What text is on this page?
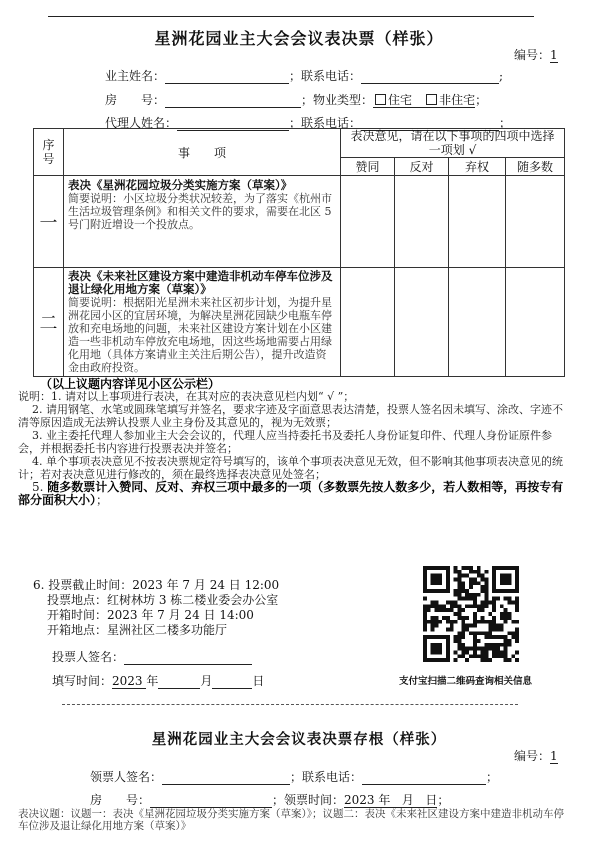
星洲花园业主大会会议表决票（样张）
编号：1
业主姓名：	；联系电话：	;
房　　号：	；物业类型： 住宅　 非住宅；
代理人姓名：	；联系电话：	；
序号	事　　项	表决意见，请在以下事项的四项中选择一项划 √			
		赞同	反对	弃权	随多数
一	表决《星洲花园垃圾分类实施方案（草案）》
简要说明：小区垃圾分类状况较差，为了落实《杭州市生活垃圾管理条例》和相关文件的要求，需要在北区 5 号门附近增设一个投放点。				

二	表决《未来社区建设方案中建造非机动车停车位涉及退让绿化用地方案（草案）》
简要说明：根据阳光星洲未来社区初步计划，为提升星洲花园小区的宜居环境，为解决星洲花园缺少电瓶车停放和充电场地的问题，未来社区建设方案计划在小区建造一些非机动车停放充电场地，因这些场地需要占用绿化用地（具体方案请业主关注后期公告），提升改造资金由政府投资。				

（以上议题内容详见小区公示栏）

说明：1. 请对以上事项进行表决，在其对应的表决意见栏内划“ √ ”；

2. 请用钢笔、水笔或圆珠笔填写并签名，要求字迹及字面意思表达清楚，投票人签名因未填写、涂改、字迹不清等原因造成无法辨认投票人业主身份及其意见的，视为无效票；

3. 业主委托代理人参加业主大会会议的，代理人应当持委托书及委托人身份证复印件、代理人身份证原件参会，并根据委托书内容进行投票表决并签名；

4. 单个事项表决意见不按表决票规定符号填写的，该单个事项表决意见无效，但不影响其他事项表决意见的统计；若对表决意见进行修改的，须在最终选择表决意见处签名；

5. 随多数票计入赞同、反对、弃权三项中最多的一项（多数票先按人数多少，若人数相等，再按专有部分面积大小）；

6. 投票截止时间：2023 年 7 月 24 日 12:00
投票地点：红树林坊 3 栋二楼业委会办公室
开箱时间：2023 年 7 月 24 日 14:00
开箱地点：星洲社区二楼多功能厅
支付宝扫描二维码查询相关信息
投票人签名：
填写时间：2023 年	月	日
星洲花园业主大会会议表决票存根（样张）
编号：1
领票人签名：	；联系电话：	；
房　　号：	；领票时间：2023 年 月 日；
表决议题：议题一：表决《星洲花园垃圾分类实施方案（草案）》；议题二：表决《未来社区建设方案中建造非机动车停车位涉及退让绿化用地方案（草案）》
